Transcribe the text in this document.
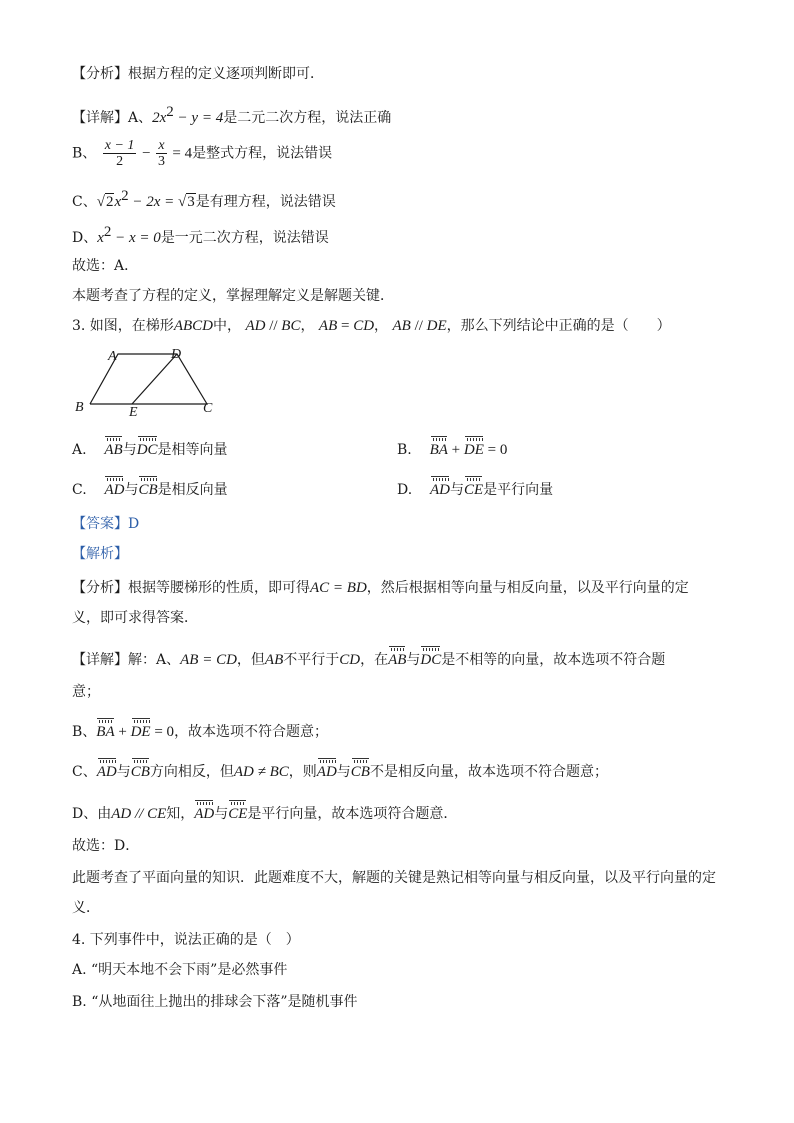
【分析】根据方程的定义逐项判断即可．
【详解】A、$2x^2 - y = 4$是二元二次方程，说法正确
B、 $\frac{x - 1}{2} - \frac{x}{3} = 4$是整式方程，说法错误
C、$√2x^2 - 2x = √3$是有理方程，说法错误
D、$x^2 - x = 0$是一元二次方程，说法错误
故选：A．
本题考查了方程的定义，掌握理解定义是解题关键．
3. 如图，在梯形ABCD中， AD // BC， AB = CD， AB // DE，那么下列结论中正确的是（　　）
A	D
B	E	C
A. AB与DC是相等向量	B. BA + DE = 0
C. AD与CB是相反向量	D. AD与CE是平行向量
【答案】D
【解析】
【分析】根据等腰梯形的性质，即可得AC = BD，然后根据相等向量与相反向量，以及平行向量的定
义，即可求得答案．
【详解】解：A、AB = CD，但AB不平行于CD，在AB与DC是不相等的向量，故本选项不符合题
意；
B、BA + DE = 0，故本选项不符合题意；
C、AD与CB方向相反，但AD ≠ BC，则AD与CB不是相反向量，故本选项不符合题意；
D、由AD // CE知，AD与CE是平行向量，故本选项符合题意．
故选：D．
此题考查了平面向量的知识．此题难度不大，解题的关键是熟记相等向量与相反向量，以及平行向量的定
义．
4. 下列事件中，说法正确的是（　）
A. “明天本地不会下雨”是必然事件
B. “从地面往上抛出的排球会下落”是随机事件
